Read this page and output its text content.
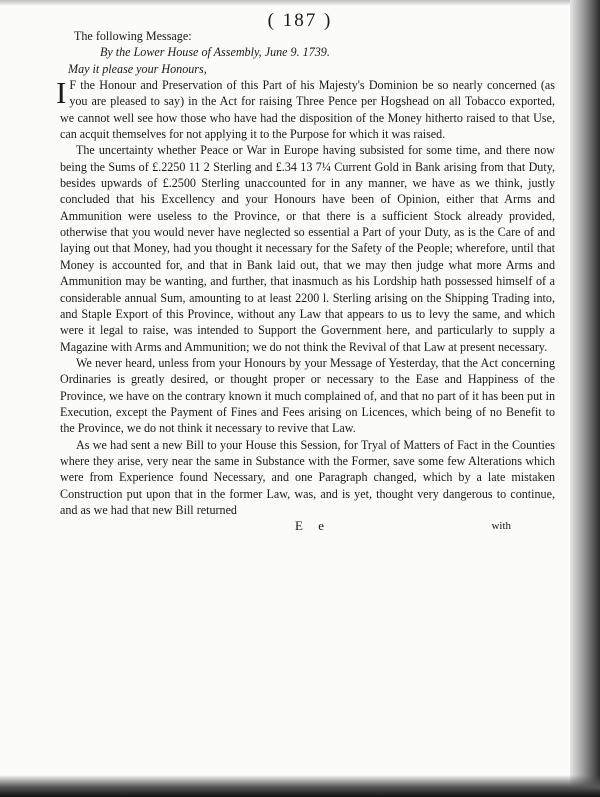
( 187 )

The following Message:

By the Lower House of Assembly, June 9. 1739.

May it please your Honours,

I F the Honour and Preservation of this Part of his Majesty's Dominion be so nearly concerned (as you are pleased to say) in the Act for raising Three Pence per Hogshead on all Tobacco exported, we cannot well see how those who have had the disposition of the Money hitherto raised to that Use, can acquit themselves for not applying it to the Purpose for which it was raised.

The uncertainty whether Peace or War in Europe having subsisted for some time, and there now being the Sums of £.2250 11 2 Sterling and £.34 13 7¼ Current Gold in Bank arising from that Duty, besides upwards of £.2500 Sterling unaccounted for in any manner, we have as we think, justly concluded that his Excellency and your Honours have been of Opinion, either that Arms and Ammunition were useless to the Province, or that there is a sufficient Stock already provided, otherwise that you would never have neglected so essential a Part of your Duty, as is the Care of and laying out that Money, had you thought it necessary for the Safety of the People; wherefore, until that Money is accounted for, and that in Bank laid out, that we may then judge what more Arms and Ammunition may be wanting, and further, that inasmuch as his Lordship hath possessed himself of a considerable annual Sum, amounting to at least 2200 l. Sterling arising on the Shipping Trading into, and Staple Export of this Province, without any Law that appears to us to levy the same, and which were it legal to raise, was intended to Support the Government here, and particularly to supply a Magazine with Arms and Ammunition; we do not think the Revival of that Law at present necessary.

We never heard, unless from your Honours by your Message of Yesterday, that the Act concerning Ordinaries is greatly desired, or thought proper or necessary to the Ease and Happiness of the Province, we have on the contrary known it much complained of, and that no part of it has been put in Execution, except the Payment of Fines and Fees arising on Licences, which being of no Benefit to the Province, we do not think it necessary to revive that Law.

As we had sent a new Bill to your House this Session, for Tryal of Matters of Fact in the Counties where they arise, very near the same in Substance with the Former, save some few Alterations which were from Experience found Necessary, and one Paragraph changed, which by a late mistaken Construction put upon that in the former Law, was, and is yet, thought very dangerous to continue, and as we had that new Bill returned

E e	with
